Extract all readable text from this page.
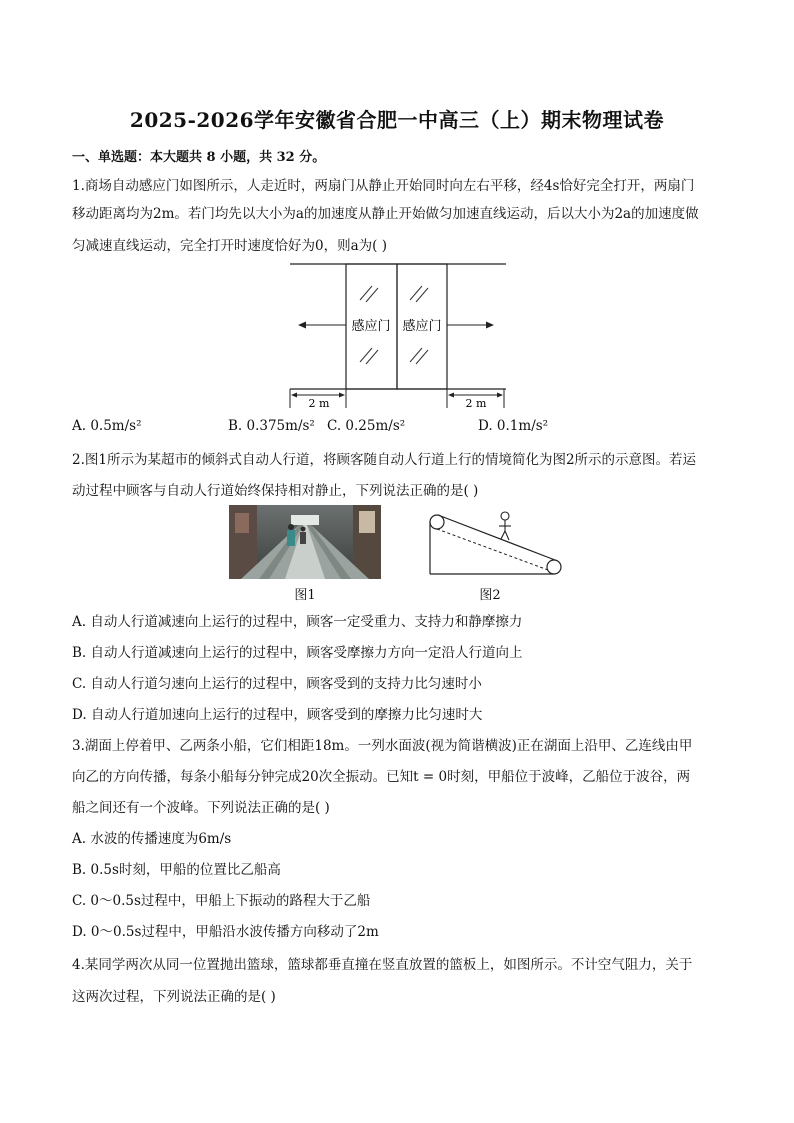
2025-2026学年安徽省合肥一中高三（上）期末物理试卷
一、单选题：本大题共 8 小题，共 32 分。
1.商场自动感应门如图所示，人走近时，两扇门从静止开始同时向左右平移，经4s恰好完全打开，两扇门
移动距离均为2m。若门均先以大小为a的加速度从静止开始做匀加速直线运动，后以大小为2a的加速度做
匀减速直线运动，完全打开时速度恰好为0，则a为( )
感应门 感应门
2 m	2 m
A. 0.5m/s²	B. 0.375m/s² C. 0.25m/s²	D. 0.1m/s²
2.图1所示为某超市的倾斜式自动人行道，将顾客随自动人行道上行的情境简化为图2所示的示意图。若运
动过程中顾客与自动人行道始终保持相对静止，下列说法正确的是( )
图1	图2
A. 自动人行道减速向上运行的过程中，顾客一定受重力、支持力和静摩擦力
B. 自动人行道减速向上运行的过程中，顾客受摩擦力方向一定沿人行道向上
C. 自动人行道匀速向上运行的过程中，顾客受到的支持力比匀速时小
D. 自动人行道加速向上运行的过程中，顾客受到的摩擦力比匀速时大
3.湖面上停着甲、乙两条小船，它们相距18m。一列水面波(视为简谐横波)正在湖面上沿甲、乙连线由甲
向乙的方向传播，每条小船每分钟完成20次全振动。已知t = 0时刻，甲船位于波峰，乙船位于波谷，两
船之间还有一个波峰。下列说法正确的是( )
A. 水波的传播速度为6m/s
B. 0.5s时刻，甲船的位置比乙船高
C. 0～0.5s过程中，甲船上下振动的路程大于乙船
D. 0～0.5s过程中，甲船沿水波传播方向移动了2m
4.某同学两次从同一位置抛出篮球，篮球都垂直撞在竖直放置的篮板上，如图所示。不计空气阻力，关于
这两次过程，下列说法正确的是( )
